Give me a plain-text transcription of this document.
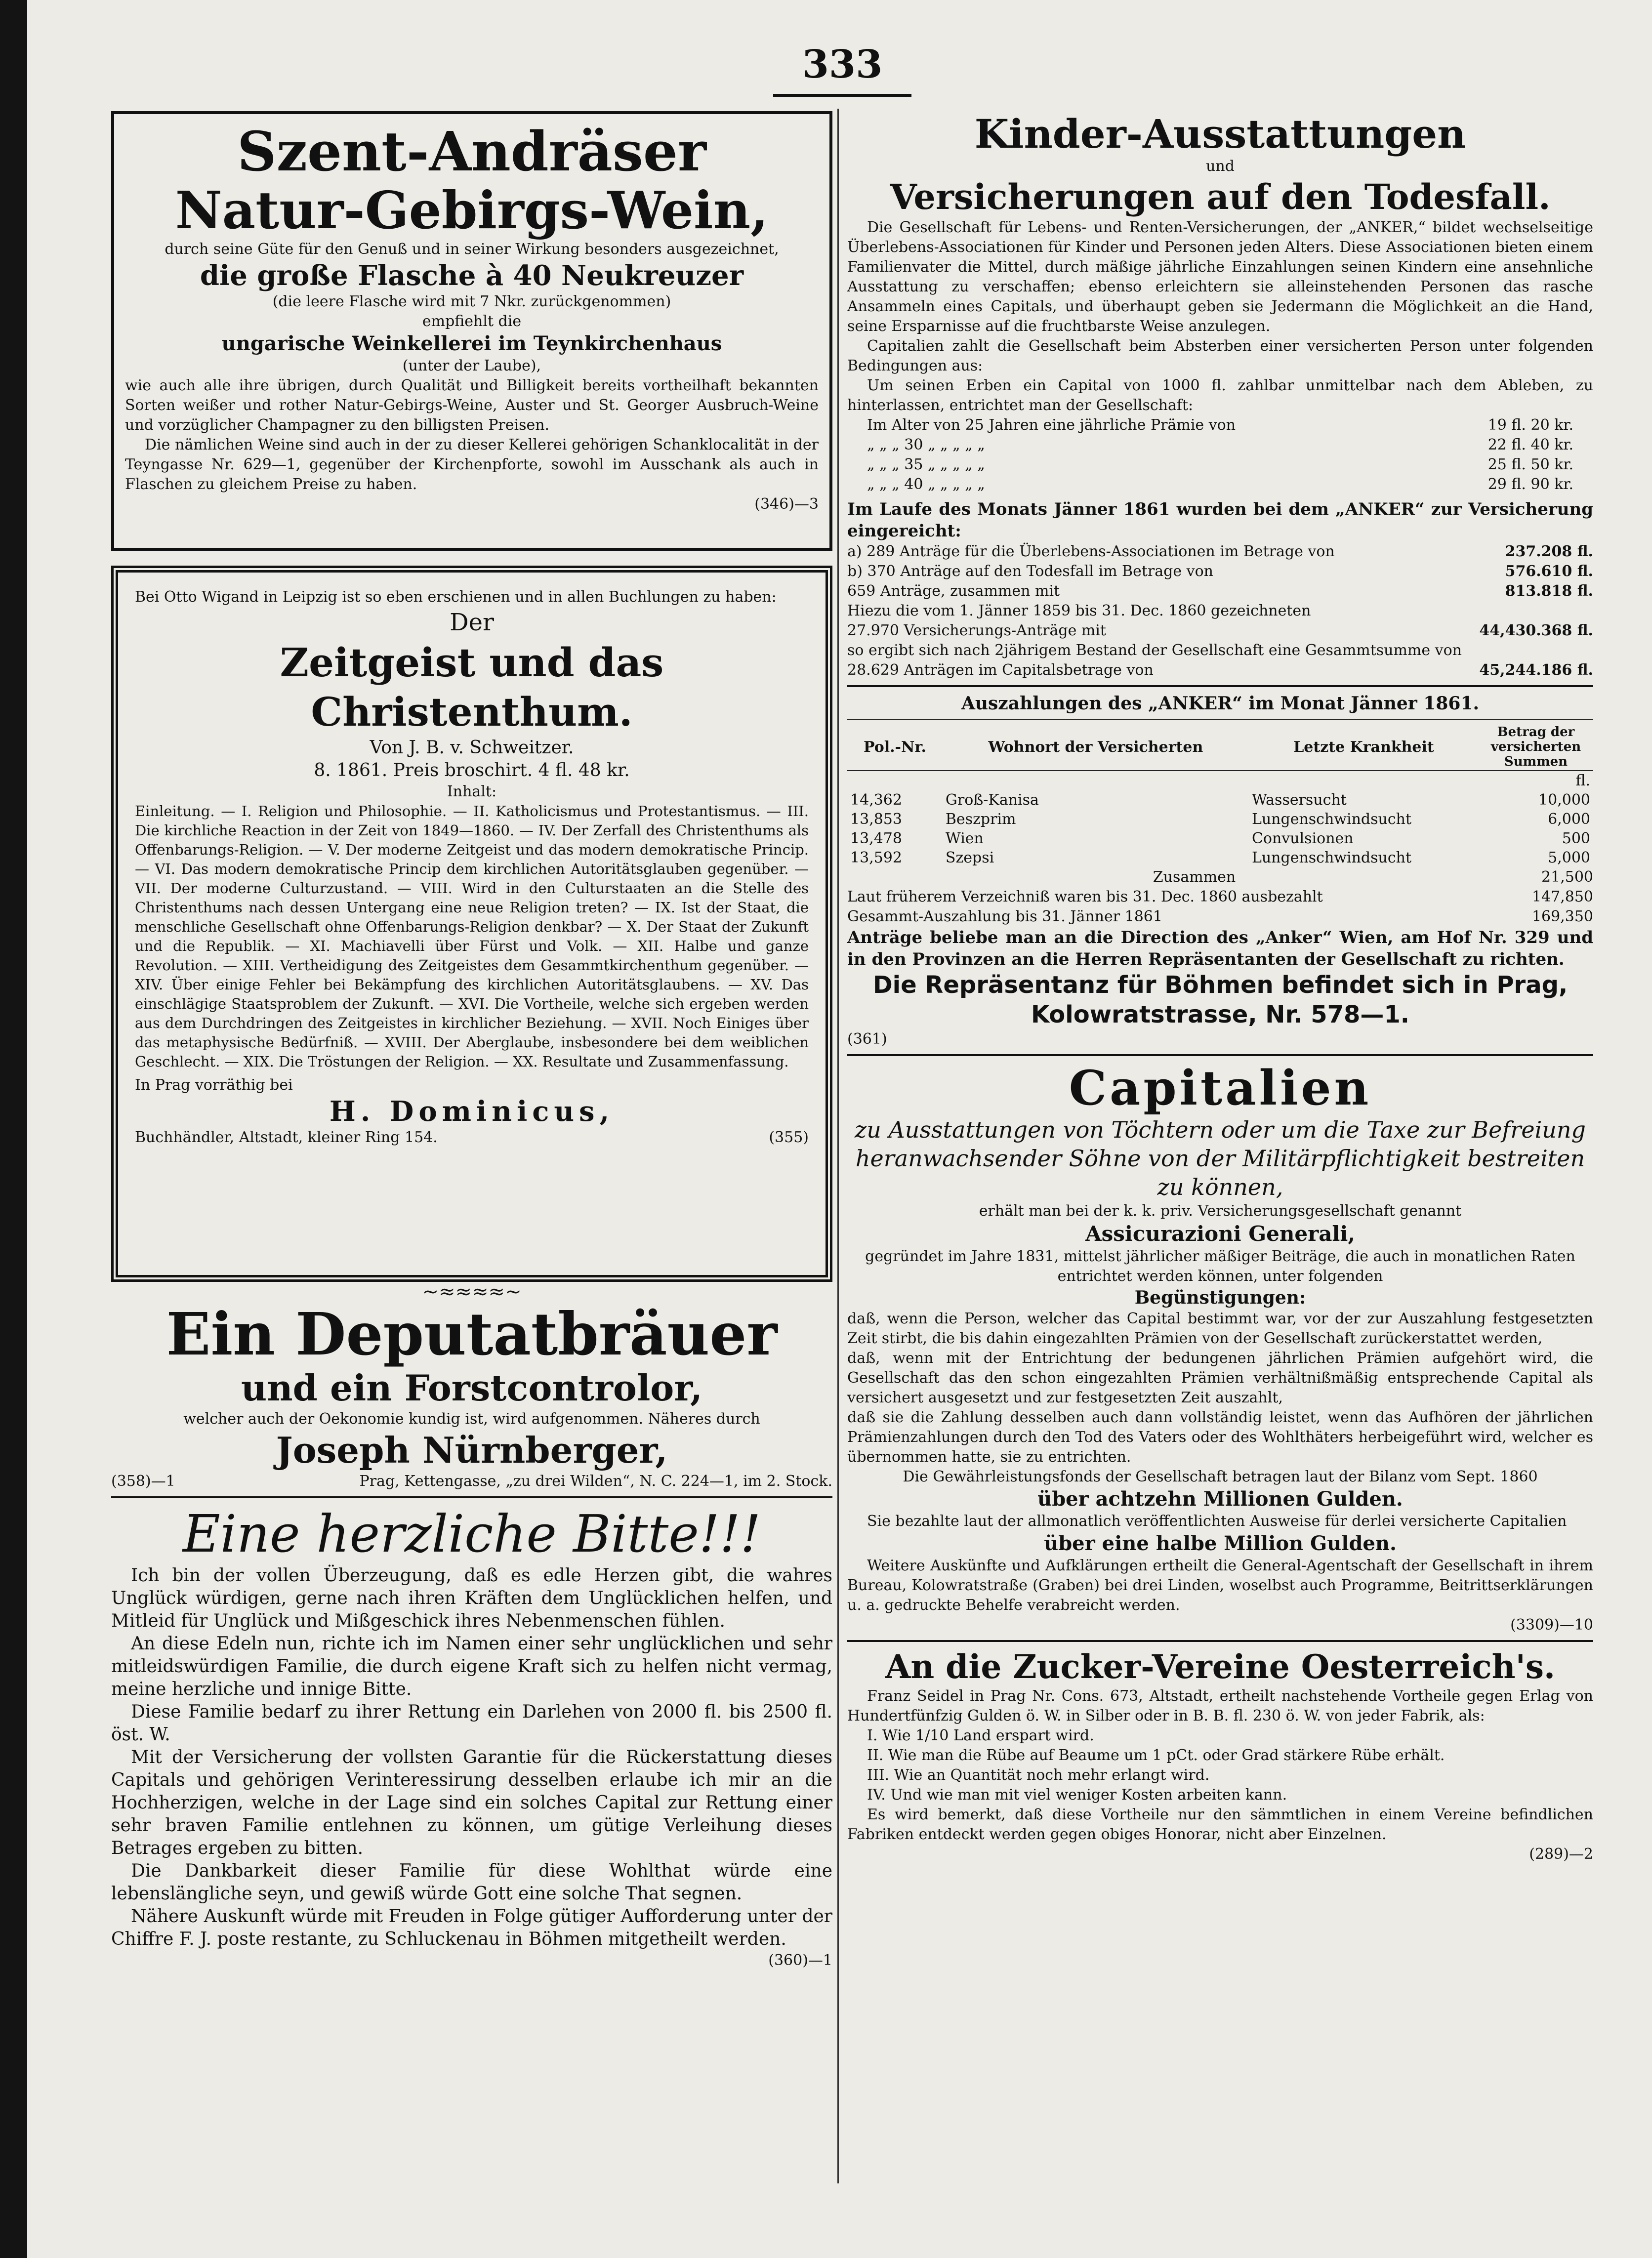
333

Szent-Andräser

Natur-Gebirgs-Wein,

durch seine Güte für den Genuß und in seiner Wirkung besonders ausgezeichnet,

die große Flasche à 40 Neukreuzer

(die leere Flasche wird mit 7 Nkr. zurückgenommen)

empfiehlt die

ungarische Weinkellerei im Teynkirchenhaus

(unter der Laube),

wie auch alle ihre übrigen, durch Qualität und Billigkeit bereits vortheilhaft bekannten Sorten weißer und rother Natur-Gebirgs-Weine, Auster und St. Georger Ausbruch-Weine und vorzüglicher Champagner zu den billigsten Preisen.

Die nämlichen Weine sind auch in der zu dieser Kellerei gehörigen Schanklocalität in der Teyngasse Nr. 629—1, gegenüber der Kirchenpforte, sowohl im Ausschank als auch in Flaschen zu gleichem Preise zu haben.

(346)—3

Bei Otto Wigand in Leipzig ist so eben erschienen und in allen Buchlungen zu haben:

Der

Zeitgeist und das Christenthum.

Von J. B. v. Schweitzer.

8. 1861. Preis broschirt. 4 fl. 48 kr.

Inhalt:

Einleitung. — I. Religion und Philosophie. — II. Katholicismus und Protestantismus. — III. Die kirchliche Reaction in der Zeit von 1849—1860. — IV. Der Zerfall des Christenthums als Offenbarungs-Religion. — V. Der moderne Zeitgeist und das modern demokratische Princip. — VI. Das modern demokratische Princip dem kirchlichen Autoritätsglauben gegenüber. — VII. Der moderne Culturzustand. — VIII. Wird in den Culturstaaten an die Stelle des Christenthums nach dessen Untergang eine neue Religion treten? — IX. Ist der Staat, die menschliche Gesellschaft ohne Offenbarungs-Religion denkbar? — X. Der Staat der Zukunft und die Republik. — XI. Machiavelli über Fürst und Volk. — XII. Halbe und ganze Revolution. — XIII. Vertheidigung des Zeitgeistes dem Gesammtkirchenthum gegenüber. — XIV. Über einige Fehler bei Bekämpfung des kirchlichen Autoritätsglaubens. — XV. Das einschlägige Staatsproblem der Zukunft. — XVI. Die Vortheile, welche sich ergeben werden aus dem Durchdringen des Zeitgeistes in kirchlicher Beziehung. — XVII. Noch Einiges über das metaphysische Bedürfniß. — XVIII. Der Aberglaube, insbesondere bei dem weiblichen Geschlecht. — XIX. Die Tröstungen der Religion. — XX. Resultate und Zusammenfassung.

In Prag vorräthig bei

H. Dominicus,

Buchhändler, Altstadt, kleiner Ring 154.	(355)
~≈≈≈≈~

Ein Deputatbräuer

und ein Forstcontrolor,

welcher auch der Oekonomie kundig ist, wird aufgenommen. Näheres durch

Joseph Nürnberger,

(358)—1	Prag, Kettengasse, „zu drei Wilden“, N. C. 224—1, im 2. Stock.

Eine herzliche Bitte!!!

Ich bin der vollen Überzeugung, daß es edle Herzen gibt, die wahres Unglück würdigen, gerne nach ihren Kräften dem Unglücklichen helfen, und Mitleid für Unglück und Mißgeschick ihres Nebenmenschen fühlen.

An diese Edeln nun, richte ich im Namen einer sehr unglücklichen und sehr mitleidswürdigen Familie, die durch eigene Kraft sich zu helfen nicht vermag, meine herzliche und innige Bitte.

Diese Familie bedarf zu ihrer Rettung ein Darlehen von 2000 fl. bis 2500 fl. öst. W.

Mit der Versicherung der vollsten Garantie für die Rückerstattung dieses Capitals und gehörigen Verinteressirung desselben erlaube ich mir an die Hochherzigen, welche in der Lage sind ein solches Capital zur Rettung einer sehr braven Familie entlehnen zu können, um gütige Verleihung dieses Betrages ergeben zu bitten.

Die Dankbarkeit dieser Familie für diese Wohlthat würde eine lebenslängliche seyn, und gewiß würde Gott eine solche That segnen.

Nähere Auskunft würde mit Freuden in Folge gütiger Aufforderung unter der Chiffre F. J. poste restante, zu Schluckenau in Böhmen mitgetheilt werden.

(360)—1

Kinder-Ausstattungen

und

Versicherungen auf den Todesfall.

Die Gesellschaft für Lebens- und Renten-Versicherungen, der „ANKER,“ bildet wechselseitige Überlebens-Associationen für Kinder und Personen jeden Alters. Diese Associationen bieten einem Familienvater die Mittel, durch mäßige jährliche Einzahlungen seinen Kindern eine ansehnliche Ausstattung zu verschaffen; ebenso erleichtern sie alleinstehenden Personen das rasche Ansammeln eines Capitals, und überhaupt geben sie Jedermann die Möglichkeit an die Hand, seine Ersparnisse auf die fruchtbarste Weise anzulegen.

Capitalien zahlt die Gesellschaft beim Absterben einer versicherten Person unter folgenden Bedingungen aus:

Um seinen Erben ein Capital von 1000 fl. zahlbar unmittelbar nach dem Ableben, zu hinterlassen, entrichtet man der Gesellschaft:

Im Alter von 25 Jahren eine jährliche Prämie von	19 fl. 20 kr.
„ „ „ 30 „ „ „ „ „	22 fl. 40 kr.
„ „ „ 35 „ „ „ „ „	25 fl. 50 kr.
„ „ „ 40 „ „ „ „ „	29 fl. 90 kr.

Im Laufe des Monats Jänner 1861 wurden bei dem „ANKER“ zur Versicherung eingereicht:

a) 289 Anträge für die Überlebens-Associationen im Betrage von	237.208 fl.
b) 370 Anträge auf den Todesfall im Betrage von	576.610 fl.
659 Anträge, zusammen mit	813.818 fl.
Hiezu die vom 1. Jänner 1859 bis 31. Dec. 1860 gezeichneten
27.970 Versicherungs-Anträge mit	44,430.368 fl.
so ergibt sich nach 2jährigem Bestand der Gesellschaft eine Gesammtsumme von
28.629 Anträgen im Capitalsbetrage von	45,244.186 fl.

Auszahlungen des „ANKER“ im Monat Jänner 1861.

Pol.-Nr.	Wohnort der Versicherten	Letzte Krankheit	Betrag der versicherten Summen
			fl.
14,362	Groß-Kanisa	Wassersucht	10,000
13,853	Beszprim	Lungenschwindsucht	6,000
13,478	Wien	Convulsionen	500
13,592	Szepsi	Lungenschwindsucht	5,000
Zusammen	21,500
Laut früherem Verzeichniß waren bis 31. Dec. 1860 ausbezahlt	147,850
Gesammt-Auszahlung bis 31. Jänner 1861	169,350

Anträge beliebe man an die Direction des „Anker“ Wien, am Hof Nr. 329 und in den Provinzen an die Herren Repräsentanten der Gesellschaft zu richten.

Die Repräsentanz für Böhmen befindet sich in Prag, Kolowratstrasse, Nr. 578—1.

(361)

Capitalien

zu Ausstattungen von Töchtern oder um die Taxe zur Befreiung heranwachsender Söhne von der Militärpflichtigkeit bestreiten zu können,

erhält man bei der k. k. priv. Versicherungsgesellschaft genannt

Assicurazioni Generali,

gegründet im Jahre 1831, mittelst jährlicher mäßiger Beiträge, die auch in monatlichen Raten entrichtet werden können, unter folgenden

Begünstigungen:

daß, wenn die Person, welcher das Capital bestimmt war, vor der zur Auszahlung festgesetzten Zeit stirbt, die bis dahin eingezahlten Prämien von der Gesellschaft zurückerstattet werden,

daß, wenn mit der Entrichtung der bedungenen jährlichen Prämien aufgehört wird, die Gesellschaft das den schon eingezahlten Prämien verhältnißmäßig entsprechende Capital als versichert ausgesetzt und zur festgesetzten Zeit auszahlt,

daß sie die Zahlung desselben auch dann vollständig leistet, wenn das Aufhören der jährlichen Prämienzahlungen durch den Tod des Vaters oder des Wohlthäters herbeigeführt wird, welcher es übernommen hatte, sie zu entrichten.

Die Gewährleistungsfonds der Gesellschaft betragen laut der Bilanz vom Sept. 1860

über achtzehn Millionen Gulden.

Sie bezahlte laut der allmonatlich veröffentlichten Ausweise für derlei versicherte Capitalien

über eine halbe Million Gulden.

Weitere Auskünfte und Aufklärungen ertheilt die General-Agentschaft der Gesellschaft in ihrem Bureau, Kolowratstraße (Graben) bei drei Linden, woselbst auch Programme, Beitrittserklärungen u. a. gedruckte Behelfe verabreicht werden.

(3309)—10

An die Zucker-Vereine Oesterreich's.

Franz Seidel in Prag Nr. Cons. 673, Altstadt, ertheilt nachstehende Vortheile gegen Erlag von Hundertfünfzig Gulden ö. W. in Silber oder in B. B. fl. 230 ö. W. von jeder Fabrik, als:

I. Wie 1/10 Land erspart wird.

II. Wie man die Rübe auf Beaume um 1 pCt. oder Grad stärkere Rübe erhält.

III. Wie an Quantität noch mehr erlangt wird.

IV. Und wie man mit viel weniger Kosten arbeiten kann.

Es wird bemerkt, daß diese Vortheile nur den sämmtlichen in einem Vereine befindlichen Fabriken entdeckt werden gegen obiges Honorar, nicht aber Einzelnen.

(289)—2
